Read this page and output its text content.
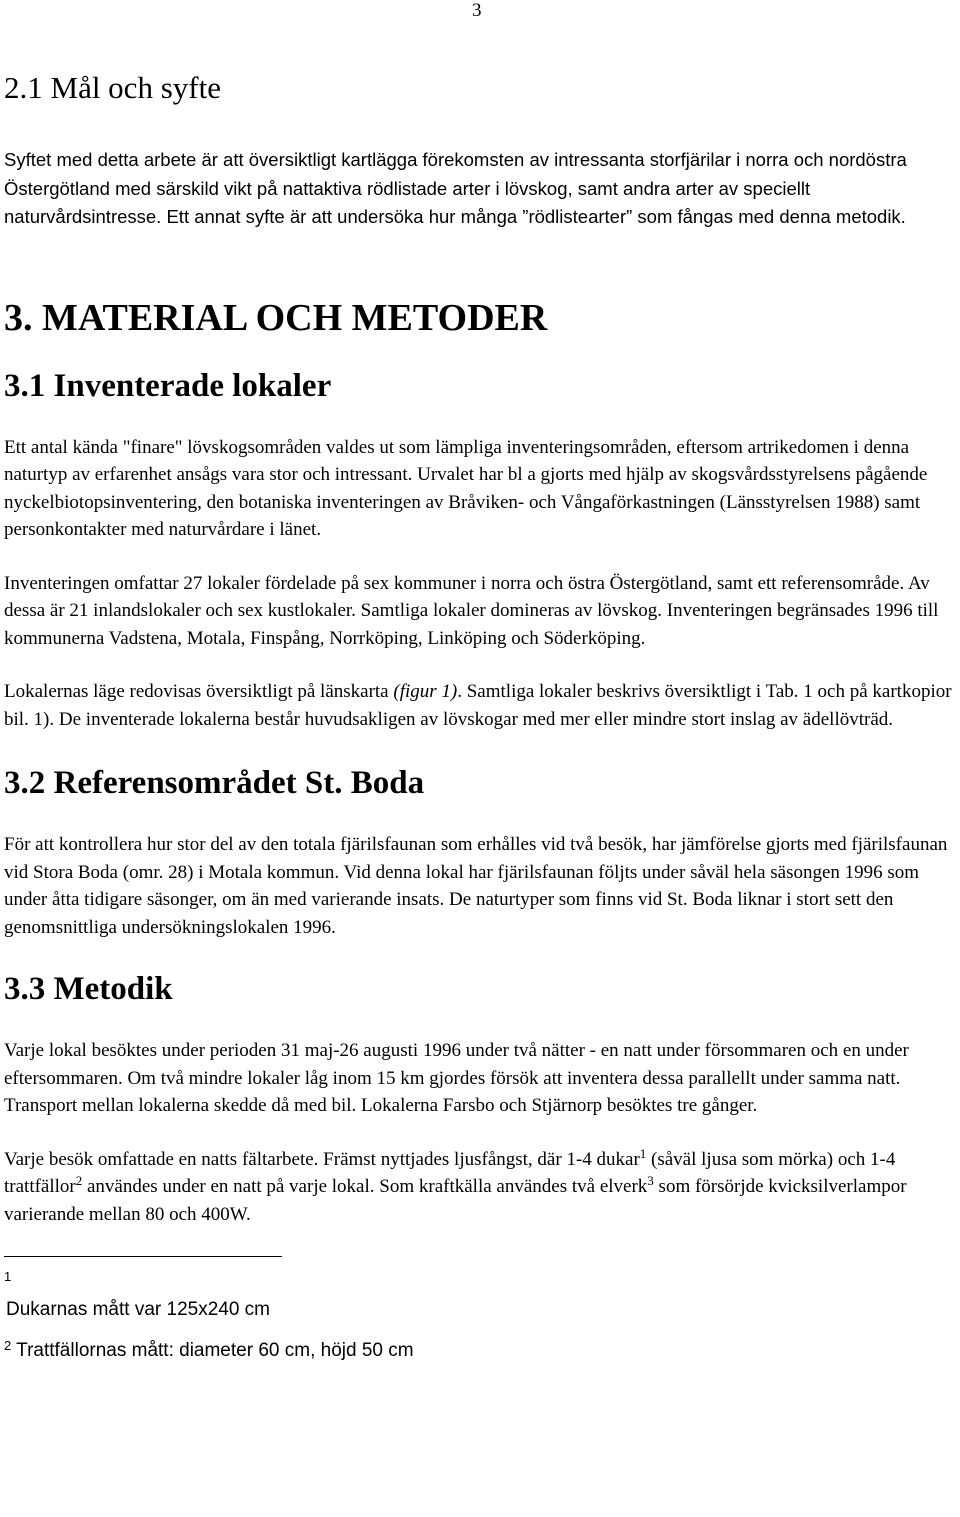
3
2.1 Mål och syfte

Syftet med detta arbete är att översiktligt kartlägga förekomsten av intressanta storfjärilar i norra och nordöstra Östergötland med särskild vikt på nattaktiva rödlistade arter i lövskog, samt andra arter av speciellt naturvårdsintresse. Ett annat syfte är att undersöka hur många ”rödlistearter” som fångas med denna metodik.

3. MATERIAL OCH METODER
3.1 Inventerade lokaler

Ett antal kända "finare" lövskogsområden valdes ut som lämpliga inventeringsområden, eftersom artrikedomen i denna naturtyp av erfarenhet ansågs vara stor och intressant. Urvalet har bl a gjorts med hjälp av skogsvårdsstyrelsens pågående nyckelbiotopsinventering, den botaniska inventeringen av Bråviken- och Vångaförkastningen (Länsstyrelsen 1988) samt personkontakter med naturvårdare i länet.

Inventeringen omfattar 27 lokaler fördelade på sex kommuner i norra och östra Östergötland, samt ett referensområde. Av dessa är 21 inlandslokaler och sex kustlokaler. Samtliga lokaler domineras av lövskog. Inventeringen begränsades 1996 till kommunerna Vadstena, Motala, Finspång, Norrköping, Linköping och Söderköping.

Lokalernas läge redovisas översiktligt på länskarta (figur 1). Samtliga lokaler beskrivs översiktligt i Tab. 1 och på kartkopior bil. 1). De inventerade lokalerna består huvudsakligen av lövskogar med mer eller mindre stort inslag av ädellövträd.

3.2 Referensområdet St. Boda

För att kontrollera hur stor del av den totala fjärilsfaunan som erhålles vid två besök, har jämförelse gjorts med fjärilsfaunan vid Stora Boda (omr. 28) i Motala kommun. Vid denna lokal har fjärilsfaunan följts under såväl hela säsongen 1996 som under åtta tidigare säsonger, om än med varierande insats. De naturtyper som finns vid St. Boda liknar i stort sett den genomsnittliga undersökningslokalen 1996.

3.3 Metodik

Varje lokal besöktes under perioden 31 maj-26 augusti 1996 under två nätter - en natt under försommaren och en under eftersommaren. Om två mindre lokaler låg inom 15 km gjordes försök att inventera dessa parallellt under samma natt. Transport mellan lokalerna skedde då med bil. Lokalerna Farsbo och Stjärnorp besöktes tre gånger.

Varje besök omfattade en natts fältarbete. Främst nyttjades ljusfångst, där 1-4 dukar$^1$ (såväl ljusa som mörka) och 1-4 trattfällor$^2$ användes under en natt på varje lokal. Som kraftkälla användes två elverk$^3$ som försörjde kvicksilverlampor varierande mellan 80 och 400W.

1

Dukarnas mått var 125x240 cm

$^2$ Trattfällornas mått: diameter 60 cm, höjd 50 cm
